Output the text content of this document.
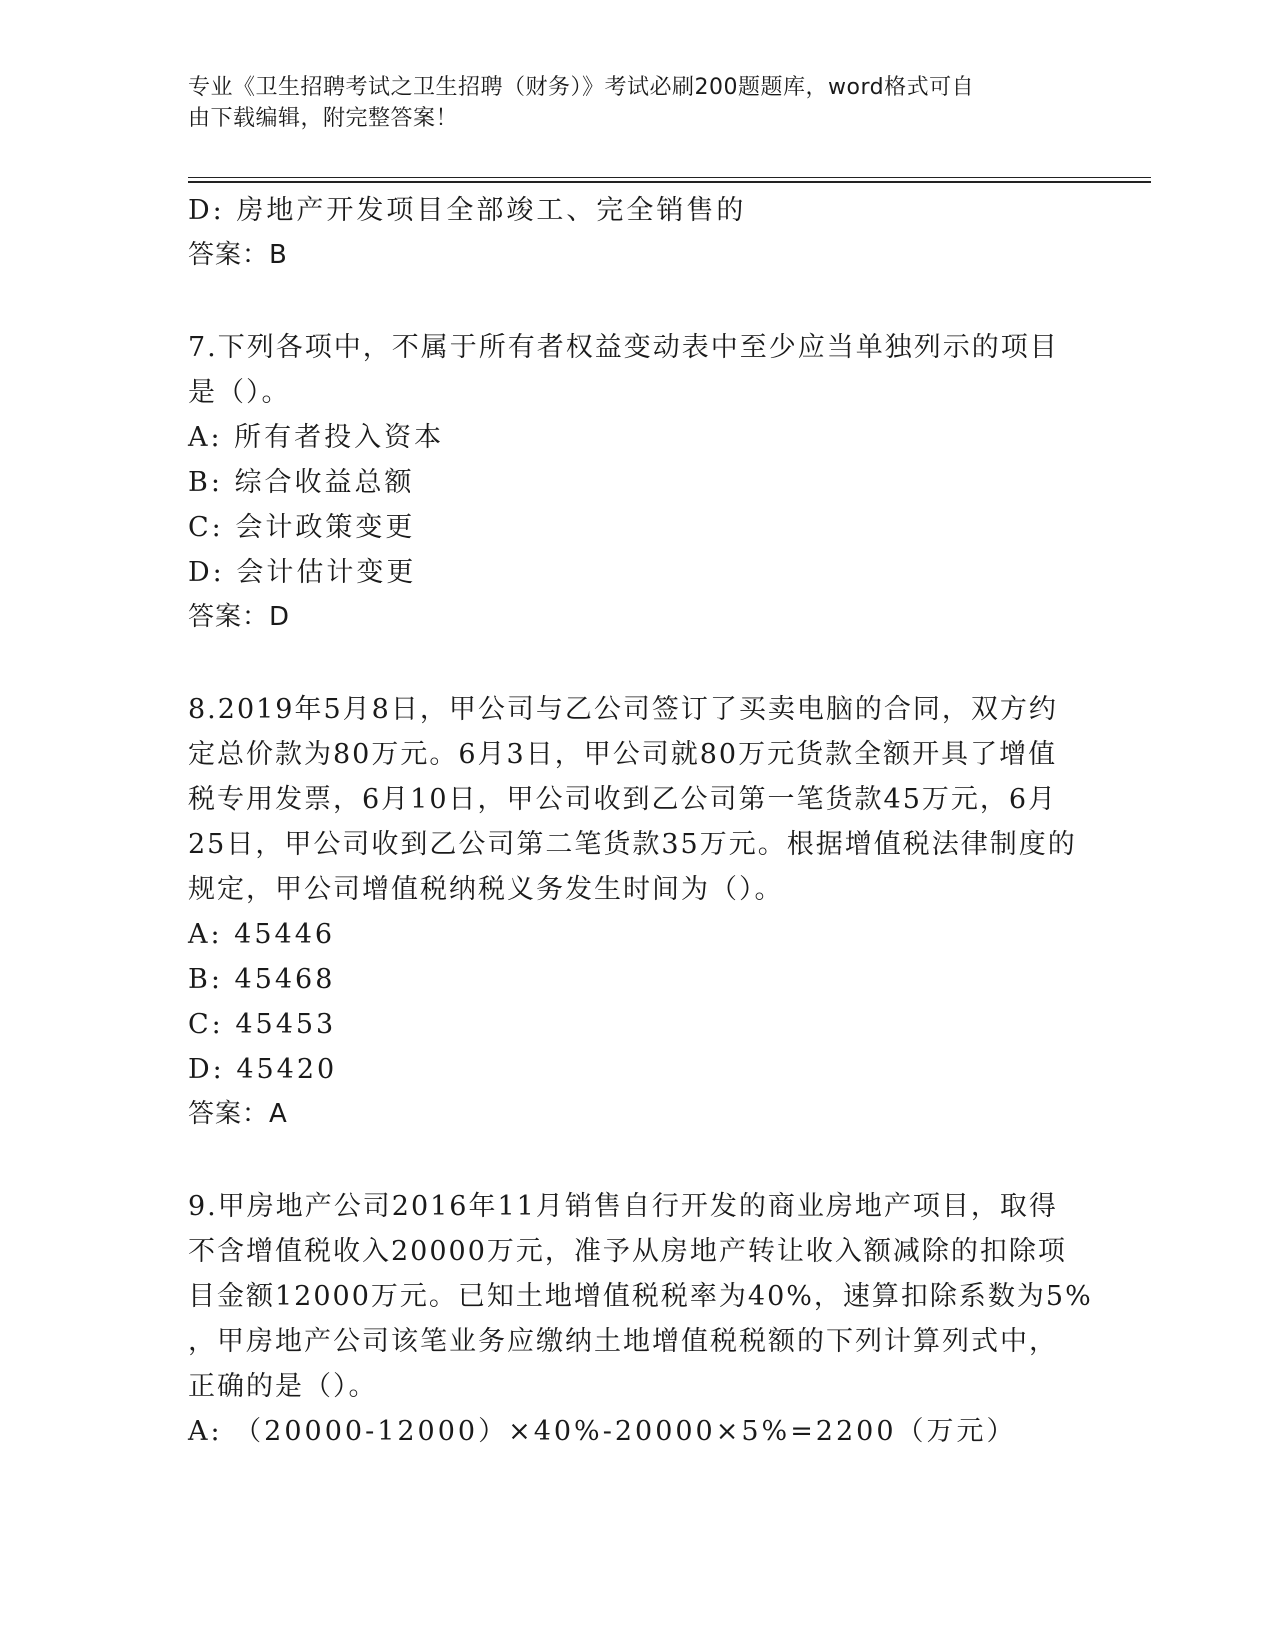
专业《卫生招聘考试之卫生招聘（财务）》考试必刷200题题库，word格式可自
由下载编辑，附完整答案！
D: 房地产开发项目全部竣工、完全销售的
答案：B
7.下列各项中，不属于所有者权益变动表中至少应当单独列示的项目
是（）。
A: 所有者投入资本
B: 综合收益总额
C: 会计政策变更
D: 会计估计变更
答案：D
8.2019年5月8日，甲公司与乙公司签订了买卖电脑的合同，双方约
定总价款为80万元。6月3日，甲公司就80万元货款全额开具了增值
税专用发票，6月10日，甲公司收到乙公司第一笔货款45万元，6月
25日，甲公司收到乙公司第二笔货款35万元。根据增值税法律制度的
规定，甲公司增值税纳税义务发生时间为（）。
A: 45446
B: 45468
C: 45453
D: 45420
答案：A
9.甲房地产公司2016年11月销售自行开发的商业房地产项目，取得
不含增值税收入20000万元，准予从房地产转让收入额减除的扣除项
目金额12000万元。已知土地增值税税率为40%，速算扣除系数为5%
，甲房地产公司该笔业务应缴纳土地增值税税额的下列计算列式中，
正确的是（）。
A: （20000-12000）×40%-20000×5%=2200（万元）
